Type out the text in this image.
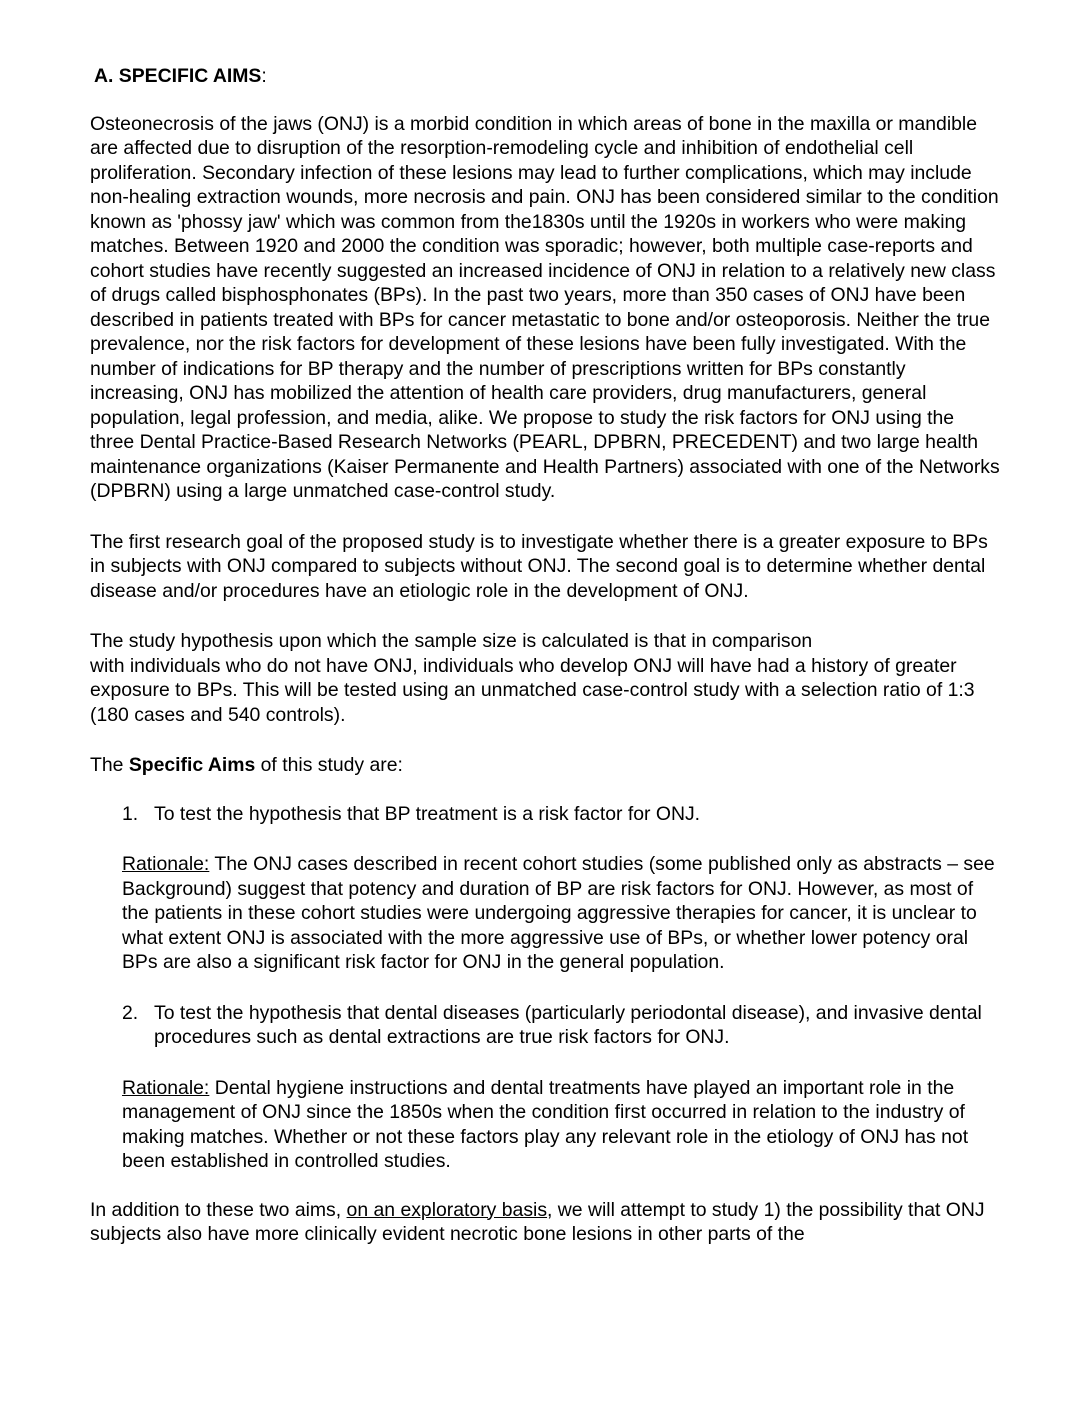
A. SPECIFIC AIMS:

Osteonecrosis of the jaws (ONJ) is a morbid condition in which areas of bone in the maxilla or mandible are affected due to disruption of the resorption-remodeling cycle and inhibition of endothelial cell proliferation. Secondary infection of these lesions may lead to further complications, which may include non-healing extraction wounds, more necrosis and pain. ONJ has been considered similar to the condition known as 'phossy jaw' which was common from the1830s until the 1920s in workers who were making matches. Between 1920 and 2000 the condition was sporadic; however, both multiple case-reports and cohort studies have recently suggested an increased incidence of ONJ in relation to a relatively new class of drugs called bisphosphonates (BPs). In the past two years, more than 350 cases of ONJ have been described in patients treated with BPs for cancer metastatic to bone and/or osteoporosis. Neither the true prevalence, nor the risk factors for development of these lesions have been fully investigated. With the number of indications for BP therapy and the number of prescriptions written for BPs constantly increasing, ONJ has mobilized the attention of health care providers, drug manufacturers, general population, legal profession, and media, alike. We propose to study the risk factors for ONJ using the three Dental Practice-Based Research Networks (PEARL, DPBRN, PRECEDENT) and two large health maintenance organizations (Kaiser Permanente and Health Partners) associated with one of the Networks (DPBRN) using a large unmatched case-control study.

The first research goal of the proposed study is to investigate whether there is a greater exposure to BPs in subjects with ONJ compared to subjects without ONJ. The second goal is to determine whether dental disease and/or procedures have an etiologic role in the development of ONJ.

The study hypothesis upon which the sample size is calculated is that in comparison
with individuals who do not have ONJ, individuals who develop ONJ will have had a history of greater exposure to BPs. This will be tested using an unmatched case-control study with a selection ratio of 1:3 (180 cases and 540 controls).

The Specific Aims of this study are:

1. To test the hypothesis that BP treatment is a risk factor for ONJ.

Rationale: The ONJ cases described in recent cohort studies (some published only as abstracts – see Background) suggest that potency and duration of BP are risk factors for ONJ. However, as most of the patients in these cohort studies were undergoing aggressive therapies for cancer, it is unclear to what extent ONJ is associated with the more aggressive use of BPs, or whether lower potency oral BPs are also a significant risk factor for ONJ in the general population.

2. To test the hypothesis that dental diseases (particularly periodontal disease), and invasive dental procedures such as dental extractions are true risk factors for ONJ.

Rationale: Dental hygiene instructions and dental treatments have played an important role in the management of ONJ since the 1850s when the condition first occurred in relation to the industry of making matches. Whether or not these factors play any relevant role in the etiology of ONJ has not been established in controlled studies.

In addition to these two aims, on an exploratory basis, we will attempt to study 1) the possibility that ONJ subjects also have more clinically evident necrotic bone lesions in other parts of the
